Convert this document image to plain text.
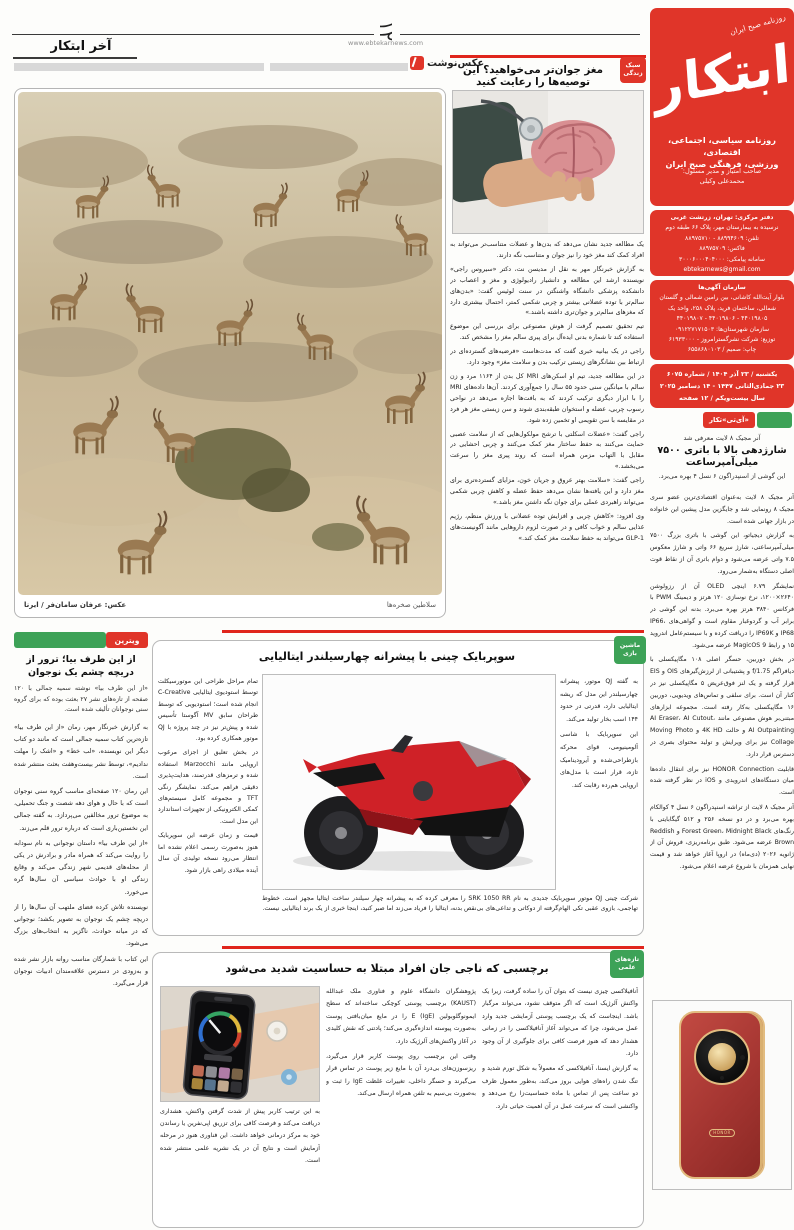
۱۲
www.ebtekarnews.com
آخر ابتکار
عکس‌نوشت
سلاطین صخره‌ها
عکس: عرفان سامان‌فر / ایرنا
سبک زندگی
مغز جوان‌تر می‌خواهید؟ این توصیه‌ها را رعایت کنید

یک مطالعه جدید نشان می‌دهد که بدن‌ها و عضلات متناسب‌تر می‌تواند به افراد کمک کند مغز خود را نیز جوان و متناسب نگه دارند.

به گزارش خبرنگار مهر به نقل از مدیسن نت، دکتر «سیروس راجی» نویسنده ارشد این مطالعه و دانشیار رادیولوژی و مغز و اعصاب در دانشکده پزشکی دانشگاه واشنگتن در سنت لوئیس گفت: «بدن‌های سالم‌تر با توده عضلانی بیشتر و چربی شکمی کمتر، احتمال بیشتری دارد که مغزهای سالم‌تر و جوان‌تری داشته باشند.»

تیم تحقیق تصمیم گرفت از هوش مصنوعی برای بررسی این موضوع استفاده کند تا شماره بدنی ایده‌آل برای پیری سالم مغز را مشخص کند.

راجی در یک بیانیه خبری گفت که مدت‌هاست «فرضیه‌های گسترده‌ای در ارتباط بین نشانگرهای زیستی ترکیب بدن و سلامت مغز» وجود دارد.

در این مطالعه جدید، تیم او اسکن‌های MRI کل بدن از ۱۱۶۴ مرد و زن سالم با میانگین سنی حدود ۵۵ سال را جمع‌آوری کردند. آن‌ها داده‌های MRI را با ابزار دیگری ترکیب کردند که به بافت‌ها اجازه می‌دهد در نواحی رسوب چربی، عضله و استخوان طبقه‌بندی شوند و سن زیستی مغز هر فرد در مقایسه با سن تقویمی او تخمین زده شود.

راجی گفت: «عضلات اسکلتی با ترشح مولکول‌هایی که از سلامت عصبی حمایت می‌کنند به حفظ ساختار مغز کمک می‌کنند و چربی احشایی در مقابل با التهاب مزمن همراه است که روند پیری مغز را سرعت می‌بخشد.»

راجی گفت: «سلامت بهتر عروق و جریان خون، مزایای گسترده‌تری برای مغز دارد و این یافته‌ها نشان می‌دهد حفظ عضله و کاهش چربی شکمی می‌تواند راهبردی عملی برای جوان نگه داشتن مغز باشد.»

وی افزود: «کاهش چربی و افزایش توده عضلانی با ورزش منظم، رژیم غذایی سالم و خواب کافی و در صورت لزوم داروهایی مانند آگونیست‌های GLP-1 می‌تواند به حفظ سلامت مغز کمک کند.»

روزنامه صبح ایران
ابتکار
روزنامه سیاسی، اجتماعی، اقتصادی،
ورزشی، فرهنگی صبح ایران
صاحب امتیاز و مدیر مسئول:
محمدعلی وکیلی
دفتر مرکزی: تهران، زرتشت غربی
نرسیده به بیمارستان مهر، پلاک ۶۶ طبقه دوم
تلفن: ۸۸۹۹۴۶۰۹ - ۸۸۹۷۵۷۱۰
فاکس: ۸۸۹۷۵۷۰۹
سامانه پیامکی: ۳۰۰۰۶۰۰۰۴۰۴۰۰۰
ebtekarnews@gmail.com
سازمان آگهی‌ها
بلوار آیت‌الله کاشانی، بین رامین شمالی و گلستان
شمالی، ساختمان فرید، پلاک ۲۵۸، واحد یک
۴۴۰۱۹۸۰۵ - ۴۴۰۱۹۸۰۶ - ۴۴۰۱۹۸۰۷
سازمان شهرستان‌ها: ۰۹۱۲۲۷۱۷۱۵۰۳
توزیع: شرکت نشرگسترامروز - ۶۱۹۳۳۰۰۰
چاپ: صمیم / ۶۵۵۸۶۸۰۱۰۳
یکشنبه / ۲۳ آذر ۱۴۰۴ / شماره ۶۰۷۵
۲۳ جمادی‌الثانی ۱۴۴۷ - ۱۴ دسامبر ۲۰۲۵
سال بیست‌ویکم / ۱۲ صفحه
«آی‌تی»تکار
آنر مجیک ۸ لایت معرفی شد
شارژدهی بالا با باتری ۷۵۰۰ میلی‌آمپرساعت
این گوشی از اسنپدراگون ۶ نسل ۴ بهره می‌برد.

آنر مجیک ۸ لایت به‌عنوان اقتصادی‌ترین عضو سری مجیک ۸ رونمایی شد و جایگزین مدل پیشین این خانواده در بازار جهانی شده است.

به گزارش دیجیاتو، این گوشی با باتری بزرگ ۷۵۰۰ میلی‌آمپرساعتی، شارژ سریع ۶۶ واتی و شارژ معکوس ۷.۵ واتی عرضه می‌شود و دوام باتری آن از نقاط قوت اصلی دستگاه به‌شمار می‌رود.

نمایشگر ۶.۷۹ اینچی OLED آن از رزولوشن ۲۶۴۰×۱۲۰۰، نرخ نوسازی ۱۲۰ هرتز و دیمینگ PWM با فرکانس ۳۸۴۰ هرتز بهره می‌برد. بدنه این گوشی در برابر آب و گردوغبار مقاوم است و گواهی‌های IP66، IP68 و IP69K را دریافت کرده و با سیستم‌عامل اندروید ۱۵ و رابط MagicOS 9 عرضه می‌شود.

در بخش دوربین، حسگر اصلی ۱۰۸ مگاپیکسلی با دیافراگم f/1.75 و پشتیبانی از لرزش‌گیرهای OIS و EIS قرار گرفته و یک لنز فوق‌عریض ۵ مگاپیکسلی نیز در کنار آن است. برای سلفی و تماس‌های ویدیویی، دوربین ۱۶ مگاپیکسلی به‌کار رفته است. مجموعه ابزارهای مبتنی‌بر هوش مصنوعی مانند AI Eraser، AI Cutout، AI Outpainting و حالت 4K HD و Moving Photo Collage نیز برای ویرایش و تولید محتوای بصری در دسترس قرار دارد.

قابلیت HONOR Connection نیز برای انتقال داده‌ها میان دستگاه‌های اندرویدی و iOS در نظر گرفته شده است.

آنر مجیک ۸ لایت از تراشه اسنپدراگون ۶ نسل ۴ کوالکام بهره می‌برد و در دو نسخه ۲۵۶ و ۵۱۲ گیگابایتی با رنگ‌های Forest Green، Midnight Black و Reddish Brown عرضه می‌شود. طبق برنامه‌ریزی، فروش آن از ژانویه ۲۰۲۶ (دی‌ماه) در اروپا آغاز خواهد شد و قیمت نهایی همزمان با شروع عرضه اعلام می‌شود.

HONOR
ویترین
از این طرف بیا؛ ترور از دریچه چشم یک نوجوان
«از این طرف بیا» نوشته سمیه جمالی با ۱۲۰ صفحه از تازه‌های نشر ۲۷ بعثت بوده که برای گروه سنی نوجوانان تألیف شده است.

به گزارش خبرنگار مهر، رمان «از این طرف بیا» تازه‌ترین کتاب سمیه جمالی است که مانند دو کتاب دیگر این نویسنده، «لب خط» و «اشک را مهلت ندادیم»، توسط نشر بیست‌وهفت بعثت منتشر شده است.

این رمان ۱۲۰ صفحه‌ای مناسب گروه سنی نوجوان است که با حال و هوای دهه شصت و جنگ تحمیلی، به موضوع ترور مخالفین می‌پردازد. به گفته جمالی این نخستین‌باری است که درباره ترور قلم می‌زند.

«از این طرف بیا» داستان نوجوانی به نام سودابه را روایت می‌کند که همراه مادر و برادرش در یکی از محله‌های قدیمی شهر زندگی می‌کند و وقایع زندگی او با حوادث سیاسی آن سال‌ها گره می‌خورد.

نویسنده تلاش کرده فضای ملتهب آن سال‌ها را از دریچه چشم یک نوجوان به تصویر بکشد؛ نوجوانی که در میانه حوادث، ناگزیر به انتخاب‌های بزرگ می‌شود.

این کتاب با شمارگان مناسب روانه بازار نشر شده و به‌زودی در دسترس علاقه‌مندان ادبیات نوجوان قرار می‌گیرد.

ماشین بازی
سوپربایک چینی با پیشرانه چهارسیلندر ایتالیایی

به گفته QJ موتور، پیشرانه چهارسیلندر این مدل که ریشه ایتالیایی دارد، قدرتی در حدود ۱۴۴ اسب بخار تولید می‌کند.

این سوپربایک با شاسی آلومینیومی، قوای محرکه بازطراحی‌شده و آیرودینامیک تازه، قرار است با مدل‌های اروپایی هم‌رده رقابت کند.

شرکت چینی QJ موتور سوپربایک جدیدی به نام SRK 1050 RR را معرفی کرده که به پیشرانه چهار سیلندر ساخت ایتالیا مجهز است. خطوط تهاجمی، بازوی عقبی تکی الهام‌گرفته از دوکاتی و تداعی‌های بی‌نقص بدنه، ایتالیا را فریاد می‌زند اما صبر کنید، اینجا خبری از یک برند ایتالیایی نیست.

تمام مراحل طراحی این موتورسیکلت توسط استودیوی ایتالیایی C-Creative انجام شده است؛ استودیویی که توسط طراحان سابق MV آگوستا تأسیس شده و پیش‌تر نیز در چند پروژه با QJ موتور همکاری کرده بود.

در بخش تعلیق از اجزای مرغوب اروپایی مانند Marzocchi استفاده شده و ترمزهای قدرتمند، هدایت‌پذیری دقیقی فراهم می‌کند. نمایشگر رنگی TFT و مجموعه کامل سیستم‌های کمکی الکترونیکی از تجهیزات استاندارد این مدل است.

قیمت و زمان عرضه این سوپربایک هنوز به‌صورت رسمی اعلام نشده اما انتظار می‌رود نسخه تولیدی آن سال آینده میلادی راهی بازار شود.

تازه‌های علمی
برچسبی که ناجی جان افراد مبتلا به حساسیت شدید می‌شود

آنافیلاکسی چیزی نیست که بتوان آن را ساده گرفت، زیرا یک واکنش آلرژیک است که اگر متوقف نشود، می‌تواند مرگبار باشد. اینجاست که یک برچسب پوستی آزمایشی جدید وارد عمل می‌شود، چرا که می‌تواند آغاز آنافیلاکسی را در زمانی هشدار دهد که هنوز فرصت کافی برای جلوگیری از آن وجود دارد.

به گزارش ایسنا، آنافیلاکسی که معمولاً به شکل تورم شدید و تنگ شدن راه‌های هوایی بروز می‌کند، به‌طور معمول ظرف دو ساعت پس از تماس با ماده حساسیت‌زا رخ می‌دهد و واکنشی است که سرعت عمل در آن اهمیت حیاتی دارد.

پژوهشگران دانشگاه علوم و فناوری ملک عبدالله (KAUST) برچسب پوستی کوچکی ساخته‌اند که سطح ایمونوگلوبولین E (IgE) را در مایع میان‌بافتی پوست به‌صورت پیوسته اندازه‌گیری می‌کند؛ پادتنی که نقش کلیدی در آغاز واکنش‌های آلرژیک دارد.

وقتی این برچسب روی پوست کاربر قرار می‌گیرد، ریزسوزن‌های بی‌درد آن با مایع زیر پوست در تماس قرار می‌گیرند و حسگر داخلی، تغییرات غلظت IgE را ثبت و به‌صورت بی‌سیم به تلفن همراه ارسال می‌کند.

به این ترتیب کاربر پیش از شدت گرفتن واکنش، هشداری دریافت می‌کند و فرصت کافی برای تزریق اپی‌نفرین یا رساندن خود به مرکز درمانی خواهد داشت. این فناوری هنوز در مرحله آزمایش است و نتایج آن در یک نشریه علمی منتشر شده است.
